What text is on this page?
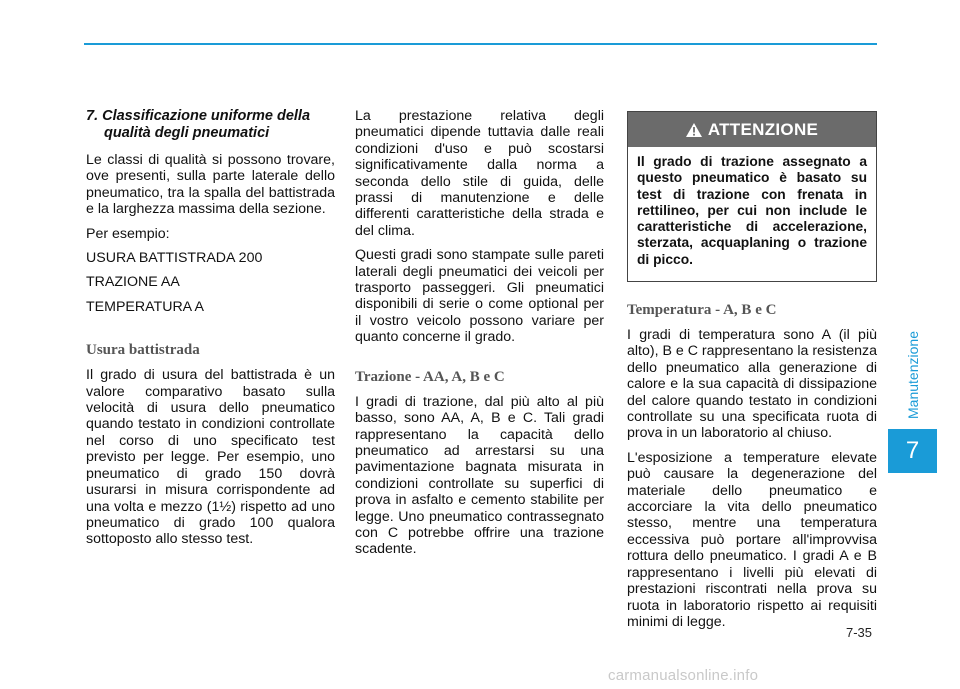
7. Classificazione uniforme della qualità degli pneumatici

Le classi di qualità si possono trovare, ove presenti, sulla parte laterale dello pneumatico, tra la spalla del battistrada e la larghezza massima della sezione.

Per esempio:

USURA BATTISTRADA 200

TRAZIONE AA

TEMPERATURA A

Usura battistrada

Il grado di usura del battistrada è un valore comparativo basato sulla velocità di usura dello pneumatico quando testato in condizioni controllate nel corso di uno specificato test previsto per legge. Per esempio, uno pneumatico di grado 150 dovrà usurarsi in misura corrispondente ad una volta e mezzo (1½) rispetto ad uno pneumatico di grado 100 qualora sottoposto allo stesso test.

La prestazione relativa degli pneumatici dipende tuttavia dalle reali condizioni d'uso e può scostarsi significativamente dalla norma a seconda dello stile di guida, delle prassi di manutenzione e delle differenti caratteristiche della strada e del clima.

Questi gradi sono stampate sulle pareti laterali degli pneumatici dei veicoli per trasporto passeggeri. Gli pneumatici disponibili di serie o come optional per il vostro veicolo possono variare per quanto concerne il grado.

Trazione - AA, A, B e C

I gradi di trazione, dal più alto al più basso, sono AA, A, B e C. Tali gradi rappresentano la capacità dello pneumatico ad arrestarsi su una pavimentazione bagnata misurata in condizioni controllate su superfici di prova in asfalto e cemento stabilite per legge. Uno pneumatico contrassegnato con C potrebbe offrire una trazione scadente.

ATTENZIONE
Il grado di trazione assegnato a questo pneumatico è basato su test di trazione con frenata in rettilineo, per cui non include le caratteristiche di accelerazione, sterzata, acquaplaning o trazione di picco.
Temperatura - A, B e C

I gradi di temperatura sono A (il più alto), B e C rappresentano la resistenza dello pneumatico alla generazione di calore e la sua capacità di dissipazione del calore quando testato in condizioni controllate su una specificata ruota di prova in un laboratorio al chiuso.

L'esposizione a temperature elevate può causare la degenerazione del materiale dello pneumatico e accorciare la vita dello pneumatico stesso, mentre una temperatura eccessiva può portare all'improvvisa rottura dello pneumatico. I gradi A e B rappresentano i livelli più elevati di prestazioni riscontrati nella prova su ruota in laboratorio rispetto ai requisiti minimi di legge.

Manutenzione
7
7-35
carmanualsonline.info
